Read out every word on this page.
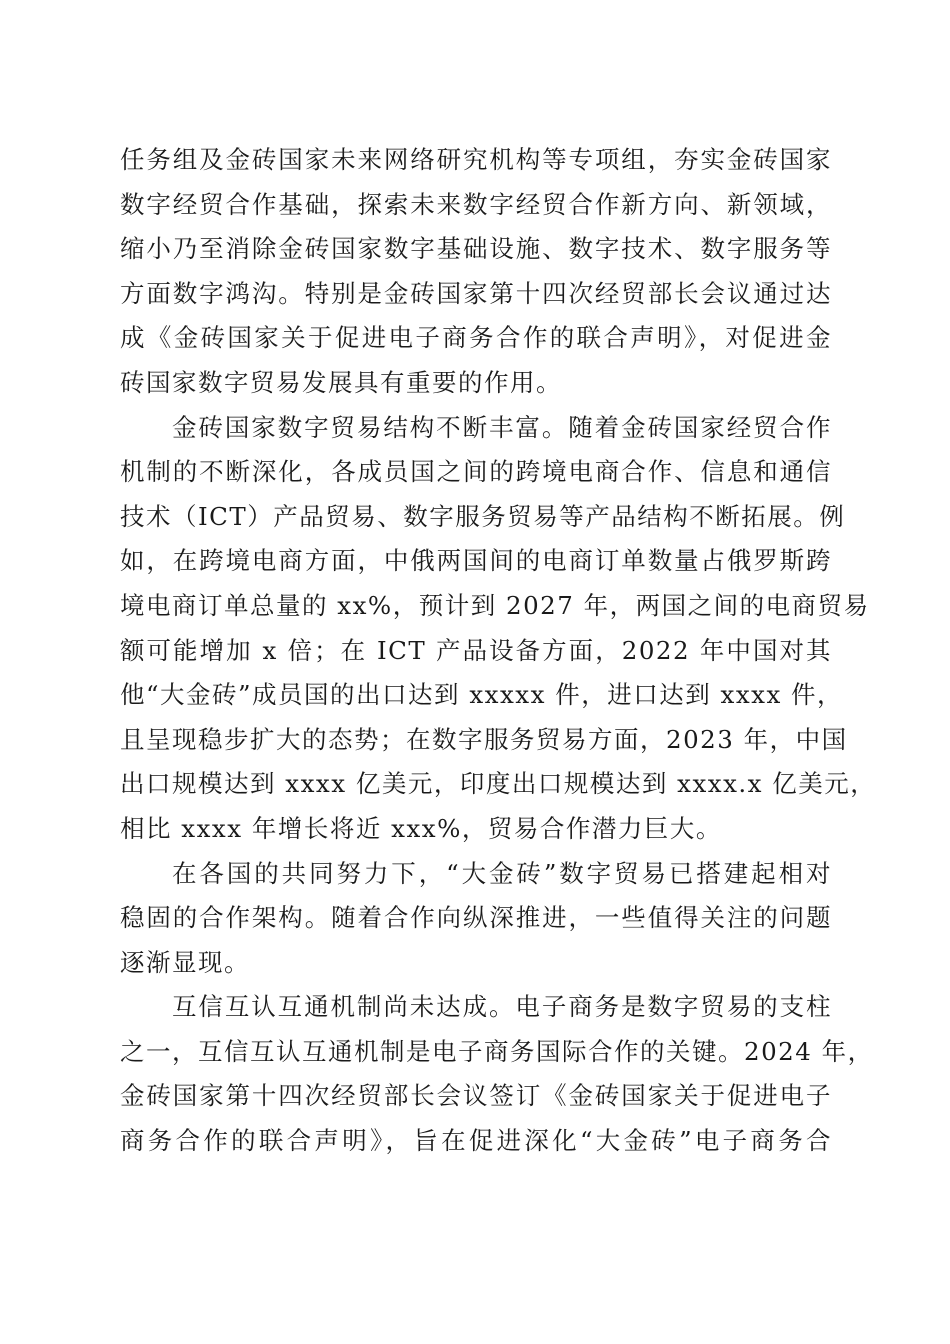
任务组及金砖国家未来网络研究机构等专项组，夯实金砖国家
数字经贸合作基础，探索未来数字经贸合作新方向、新领域，
缩小乃至消除金砖国家数字基础设施、数字技术、数字服务等
方面数字鸿沟。特别是金砖国家第十四次经贸部长会议通过达
成《金砖国家关于促进电子商务合作的联合声明》，对促进金
砖国家数字贸易发展具有重要的作用。
金砖国家数字贸易结构不断丰富。随着金砖国家经贸合作
机制的不断深化，各成员国之间的跨境电商合作、信息和通信
技术（ICT）产品贸易、数字服务贸易等产品结构不断拓展。例
如，在跨境电商方面，中俄两国间的电商订单数量占俄罗斯跨
境电商订单总量的 xx%，预计到 2027 年，两国之间的电商贸易
额可能增加 x 倍；在 ICT 产品设备方面，2022 年中国对其
他“大金砖”成员国的出口达到 xxxxx 件，进口达到 xxxx 件，
且呈现稳步扩大的态势；在数字服务贸易方面，2023 年，中国
出口规模达到 xxxx 亿美元，印度出口规模达到 xxxx.x 亿美元，
相比 xxxx 年增长将近 xxx%，贸易合作潜力巨大。
在各国的共同努力下，“大金砖”数字贸易已搭建起相对
稳固的合作架构。随着合作向纵深推进，一些值得关注的问题
逐渐显现。
互信互认互通机制尚未达成。电子商务是数字贸易的支柱
之一，互信互认互通机制是电子商务国际合作的关键。2024 年，
金砖国家第十四次经贸部长会议签订《金砖国家关于促进电子
商务合作的联合声明》，旨在促进深化“大金砖”电子商务合
